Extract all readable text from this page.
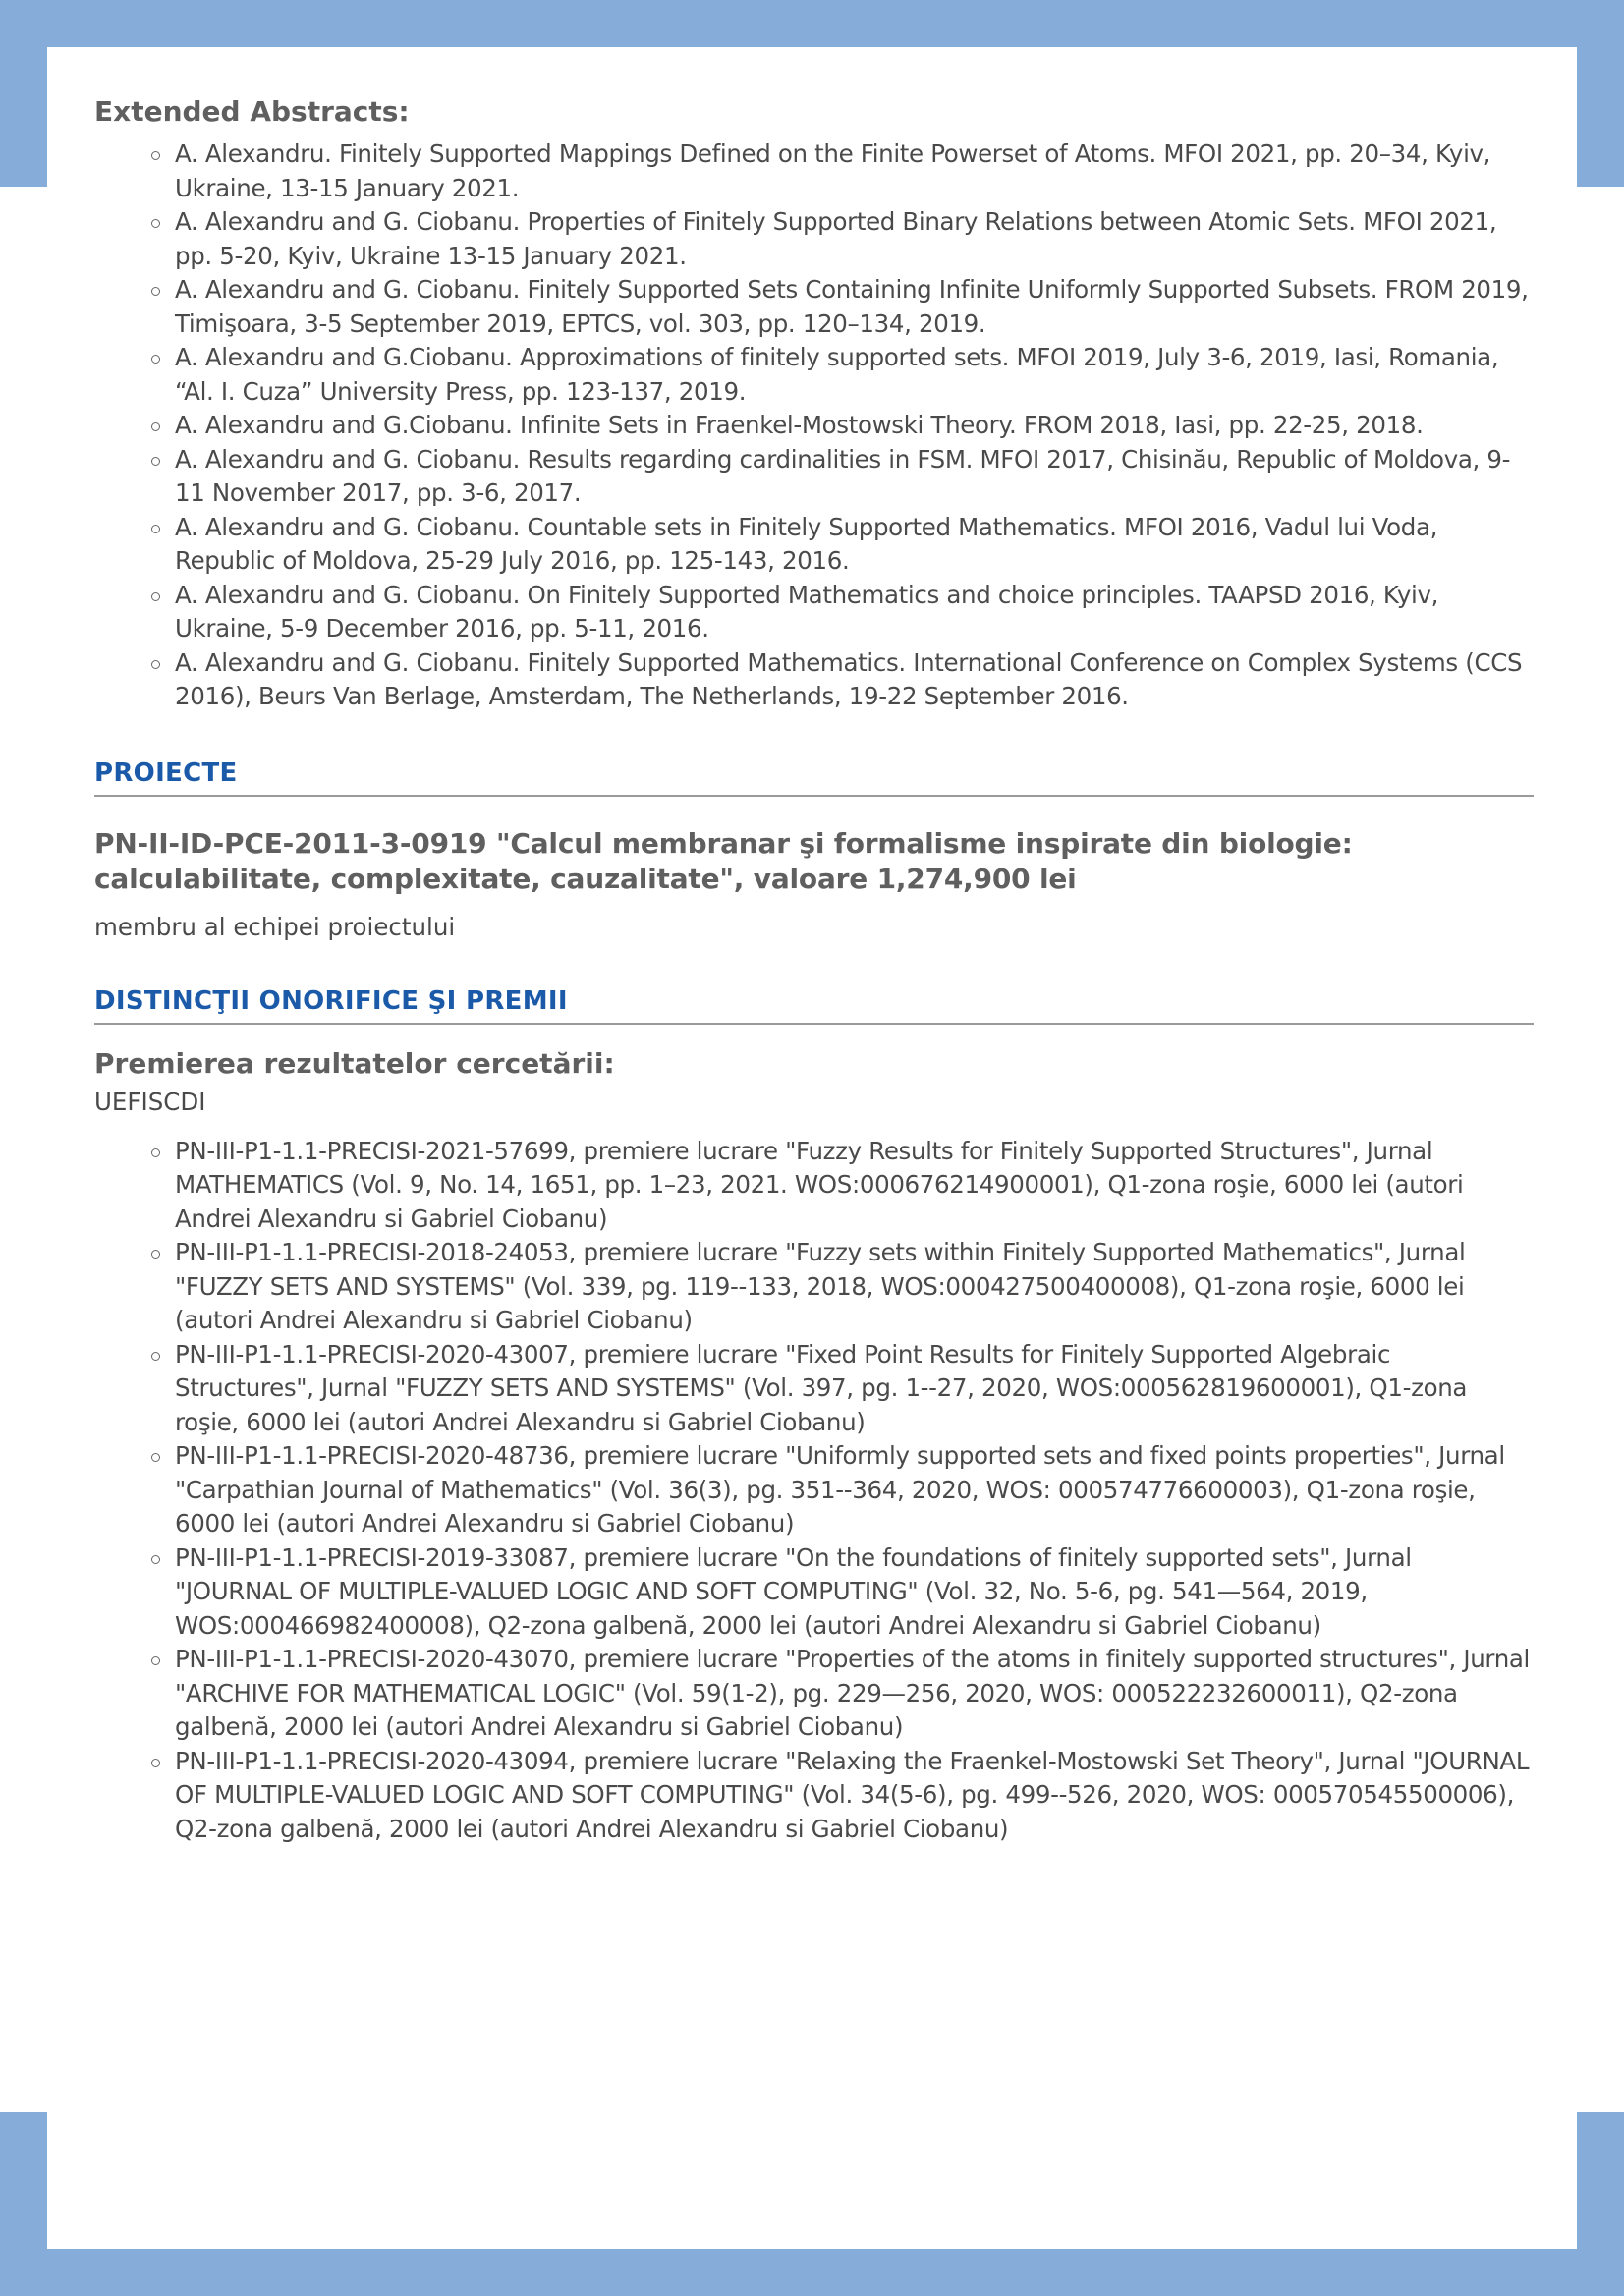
Extended Abstracts:
A. Alexandru. Finitely Supported Mappings Defined on the Finite Powerset of Atoms. MFOI 2021, pp. 20–34, Kyiv, Ukraine, 13-15 January 2021.
A. Alexandru and G. Ciobanu. Properties of Finitely Supported Binary Relations between Atomic Sets. MFOI 2021, pp. 5-20, Kyiv, Ukraine 13-15 January 2021.
A. Alexandru and G. Ciobanu. Finitely Supported Sets Containing Infinite Uniformly Supported Subsets. FROM 2019, Timişoara, 3-5 September 2019, EPTCS, vol. 303, pp. 120–134, 2019.
A. Alexandru and G.Ciobanu. Approximations of finitely supported sets. MFOI 2019, July 3-6, 2019, Iasi, Romania, “Al. I. Cuza” University Press, pp. 123-137, 2019.
A. Alexandru and G.Ciobanu. Infinite Sets in Fraenkel-Mostowski Theory. FROM 2018, Iasi, pp. 22-25, 2018.
A. Alexandru and G. Ciobanu. Results regarding cardinalities in FSM. MFOI 2017, Chisinău, Republic of Moldova, 9-11 November 2017, pp. 3-6, 2017.
A. Alexandru and G. Ciobanu. Countable sets in Finitely Supported Mathematics. MFOI 2016, Vadul lui Voda, Republic of Moldova, 25-29 July 2016, pp. 125-143, 2016.
A. Alexandru and G. Ciobanu. On Finitely Supported Mathematics and choice principles. TAAPSD 2016, Kyiv, Ukraine, 5-9 December 2016, pp. 5-11, 2016.
A. Alexandru and G. Ciobanu. Finitely Supported Mathematics. International Conference on Complex Systems (CCS 2016), Beurs Van Berlage, Amsterdam, The Netherlands, 19-22 September 2016.
PROIECTE
PN-II-ID-PCE-2011-3-0919 "Calcul membranar şi formalisme inspirate din biologie: calculabilitate, complexitate, cauzalitate", valoare 1,274,900 lei
membru al echipei proiectului
DISTINCŢII ONORIFICE ŞI PREMII
Premierea rezultatelor cercetării:
UEFISCDI
PN-III-P1-1.1-PRECISI-2021-57699, premiere lucrare "Fuzzy Results for Finitely Supported Structures", Jurnal MATHEMATICS (Vol. 9, No. 14, 1651, pp. 1–23, 2021. WOS:000676214900001), Q1-zona roşie, 6000 lei (autori Andrei Alexandru si Gabriel Ciobanu)
PN-III-P1-1.1-PRECISI-2018-24053, premiere lucrare "Fuzzy sets within Finitely Supported Mathematics", Jurnal "FUZZY SETS AND SYSTEMS" (Vol. 339, pg. 119--133, 2018, WOS:000427500400008), Q1-zona roşie, 6000 lei (autori Andrei Alexandru si Gabriel Ciobanu)
PN-III-P1-1.1-PRECISI-2020-43007, premiere lucrare "Fixed Point Results for Finitely Supported Algebraic Structures", Jurnal "FUZZY SETS AND SYSTEMS" (Vol. 397, pg. 1--27, 2020, WOS:000562819600001), Q1-zona roşie, 6000 lei (autori Andrei Alexandru si Gabriel Ciobanu)
PN-III-P1-1.1-PRECISI-2020-48736, premiere lucrare "Uniformly supported sets and fixed points properties", Jurnal "Carpathian Journal of Mathematics" (Vol. 36(3), pg. 351--364, 2020, WOS: 000574776600003), Q1-zona roşie, 6000 lei (autori Andrei Alexandru si Gabriel Ciobanu)
PN-III-P1-1.1-PRECISI-2019-33087, premiere lucrare "On the foundations of finitely supported sets", Jurnal "JOURNAL OF MULTIPLE-VALUED LOGIC AND SOFT COMPUTING" (Vol. 32, No. 5-6, pg. 541—564, 2019, WOS:000466982400008), Q2-zona galbenă, 2000 lei (autori Andrei Alexandru si Gabriel Ciobanu)
PN-III-P1-1.1-PRECISI-2020-43070, premiere lucrare "Properties of the atoms in finitely supported structures", Jurnal "ARCHIVE FOR MATHEMATICAL LOGIC" (Vol. 59(1-2), pg. 229—256, 2020, WOS: 000522232600011), Q2-zona galbenă, 2000 lei (autori Andrei Alexandru si Gabriel Ciobanu)
PN-III-P1-1.1-PRECISI-2020-43094, premiere lucrare "Relaxing the Fraenkel-Mostowski Set Theory", Jurnal "JOURNAL OF MULTIPLE-VALUED LOGIC AND SOFT COMPUTING" (Vol. 34(5-6), pg. 499--526, 2020, WOS: 000570545500006), Q2-zona galbenă, 2000 lei (autori Andrei Alexandru si Gabriel Ciobanu)
